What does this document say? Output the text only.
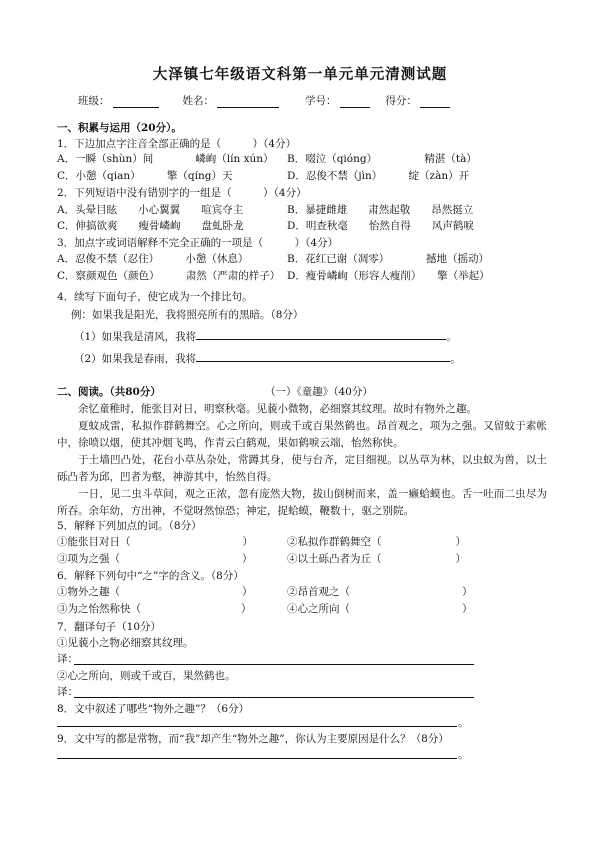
大泽镇七年级语文科第一单元单元清测试题
班级：	姓名：	学号：	得分：
一、积累与运用（20分）。
1．下边加点字注音全部正确的是（　　　）（4分）
A．一瞬（shùn）间　　　　嶙峋（lín xún） B．啜泣（qióng）　　　　　精湛（tà）
C．小憩（qian）　　　擎（qíng）天	D．忍俊不禁（jìn）　　　绽（zàn）开
2．下列短语中没有错别字的一组是（　　　）（4分）
A．头晕目眩　　小心翼翼　　喧宾夺主	B．暴捷雌雄　　肃然起敬　　昂然挺立
C．伸搞欲爽　　瘦骨嶙峋　　盘虬卧龙	D．明查秋毫　　怡然自得　　风声鹤唳
3．加点字或词语解释不完全正确的一项是（　　　）（4分）
A．忍俊不禁（忍住）　　　小憩（休息）	B．花红已谢（凋零）　　　　撼地（摇动）
C．察颜观色（颜色）　　　肃然（严肃的样子） D．瘦骨嶙峋（形容人瘦削）　　擎（举起）
4．续写下面句子，使它成为一个排比句。
例：如果我是阳光，我将照亮所有的黑暗。（8分）
（1）如果我是清风，我将	。
（2）如果我是春雨，我将	。
二、阅读。（共80分）	（一）《童趣》（40分）
余忆童稚时，能张目对日，明察秋毫。见藐小微物，必细察其纹理。故时有物外之趣。
夏蚊成雷，私拟作群鹤舞空。心之所向，则或千或百果然鹤也。昂首观之，项为之强。又留蚊于素帐中，徐喷以烟，使其冲烟飞鸣，作青云白鹤观，果如鹤唳云端，怡然称快。
于土墙凹凸处，花台小草丛杂处，常蹲其身，使与台齐，定目细视。以丛草为林，以虫蚁为兽，以土砾凸者为邱，凹者为壑，神游其中，怡然自得。
一日，见二虫斗草间，观之正浓，忽有庞然大物，拔山倒树而来，盖一癞蛤蟆也。舌一吐而二虫尽为所吞。余年幼，方出神，不觉呀然惊恐；神定，捉蛤蟆，鞭数十，驱之别院。
5．解释下列加点的词。（8分）
①能张目对日（	）	②私拟作群鹤舞空（	）
③项为之强（	）	④以土砾凸者为丘（	）
6．解释下列句中“之”字的含义。（8分）
①物外之趣（	）	②昂首观之（	）
③为之怡然称快（	）	④心之所向（	）
7．翻译句子（10分）
①见藐小之物必细察其纹理。
译：
②心之所向，则或千或百，果然鹤也。
译：
8．文中叙述了哪些“物外之趣”？（6分）
。
9．文中写的都是常物，而“我”却产生“物外之趣”，你认为主要原因是什么？（8分）
。
